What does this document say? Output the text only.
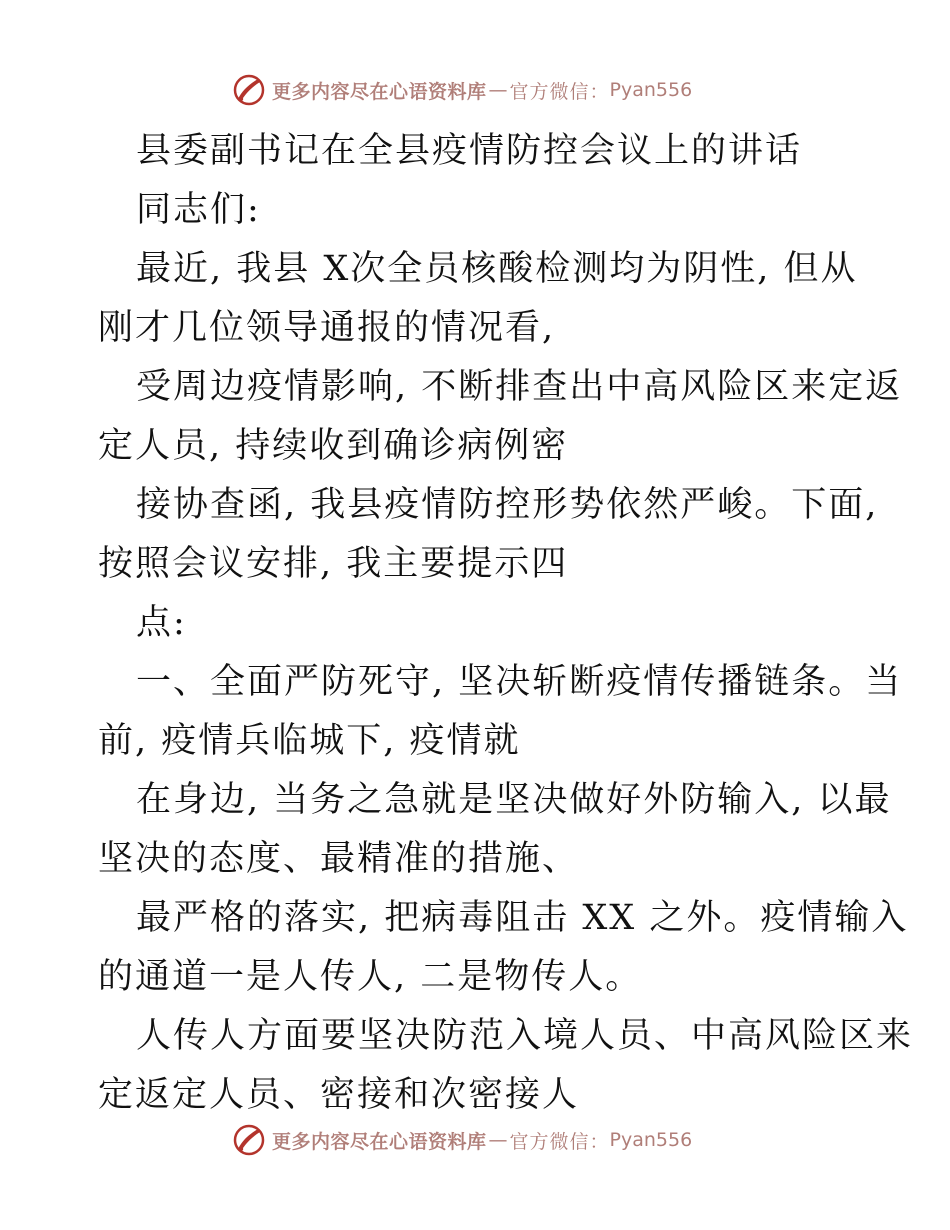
更多内容尽在心语资料库 — 官方微信： Pyan556
县委副书记在全县疫情防控会议上的讲话
同志们:
最近, 我县 X次全员核酸检测均为阴性, 但从
刚才几位领导通报的情况看,
受周边疫情影响, 不断排查出中高风险区来定返
定人员, 持续收到确诊病例密
接协查函, 我县疫情防控形势依然严峻。下面,
按照会议安排, 我主要提示四
点:
一、全面严防死守, 坚决斩断疫情传播链条。当
前, 疫情兵临城下, 疫情就
在身边, 当务之急就是坚决做好外防输入, 以最
坚决的态度、最精准的措施、
最严格的落实, 把病毒阻击 XX 之外。疫情输入
的通道一是人传人, 二是物传人。
人传人方面要坚决防范入境人员、中高风险区来
定返定人员、密接和次密接人
更多内容尽在心语资料库 — 官方微信： Pyan556
